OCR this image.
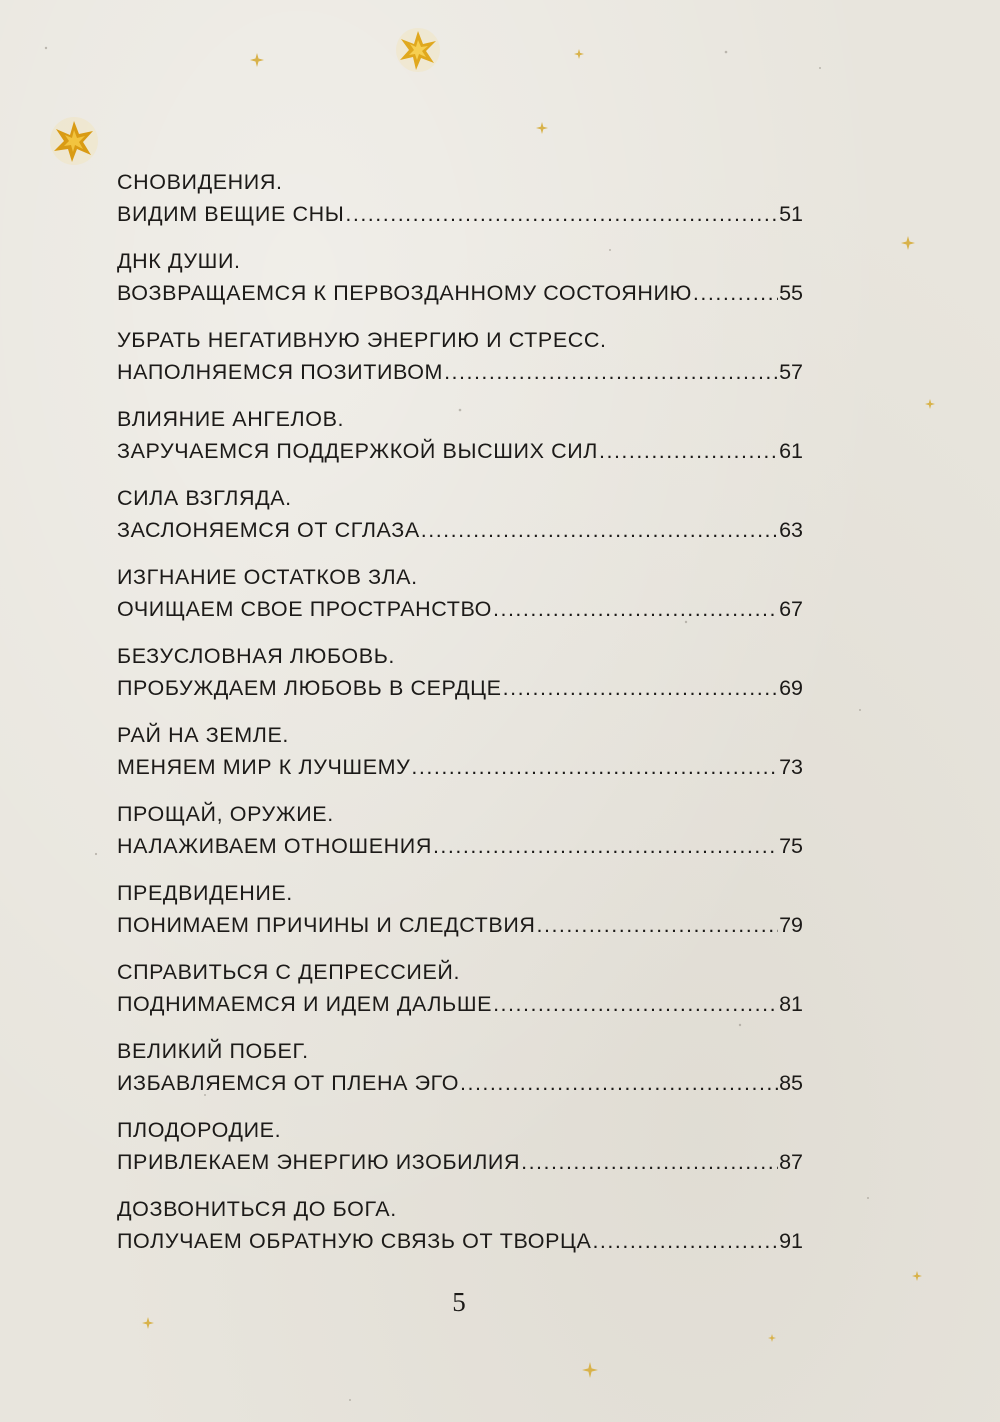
СНОВИДЕНИЯ.
ВИДИМ ВЕЩИЕ СНЫ .....	51
ДНК ДУШИ.
ВОЗВРАЩАЕМСЯ К ПЕРВОЗДАННОМУ СОСТОЯНИЮ .....	55
УБРАТЬ НЕГАТИВНУЮ ЭНЕРГИЮ И СТРЕСС.
НАПОЛНЯЕМСЯ ПОЗИТИВОМ .....	57
ВЛИЯНИЕ АНГЕЛОВ.
ЗАРУЧАЕМСЯ ПОДДЕРЖКОЙ ВЫСШИХ СИЛ .....	61
СИЛА ВЗГЛЯДА.
ЗАСЛОНЯЕМСЯ ОТ СГЛАЗА .....	63
ИЗГНАНИЕ ОСТАТКОВ ЗЛА.
ОЧИЩАЕМ СВОЕ ПРОСТРАНСТВО .....	67
БЕЗУСЛОВНАЯ ЛЮБОВЬ.
ПРОБУЖДАЕМ ЛЮБОВЬ В СЕРДЦЕ .....	69
РАЙ НА ЗЕМЛЕ.
МЕНЯЕМ МИР К ЛУЧШЕМУ .....	73
ПРОЩАЙ, ОРУЖИЕ.
НАЛАЖИВАЕМ ОТНОШЕНИЯ .....	75
ПРЕДВИДЕНИЕ.
ПОНИМАЕМ ПРИЧИНЫ И СЛЕДСТВИЯ .....	79
СПРАВИТЬСЯ С ДЕПРЕССИЕЙ.
ПОДНИМАЕМСЯ И ИДЕМ ДАЛЬШЕ .....	81
ВЕЛИКИЙ ПОБЕГ.
ИЗБАВЛЯЕМСЯ ОТ ПЛЕНА ЭГО .....	85
ПЛОДОРОДИЕ.
ПРИВЛЕКАЕМ ЭНЕРГИЮ ИЗОБИЛИЯ .....	87
ДОЗВОНИТЬСЯ ДО БОГА.
ПОЛУЧАЕМ ОБРАТНУЮ СВЯЗЬ ОТ ТВОРЦА .....	91
5
